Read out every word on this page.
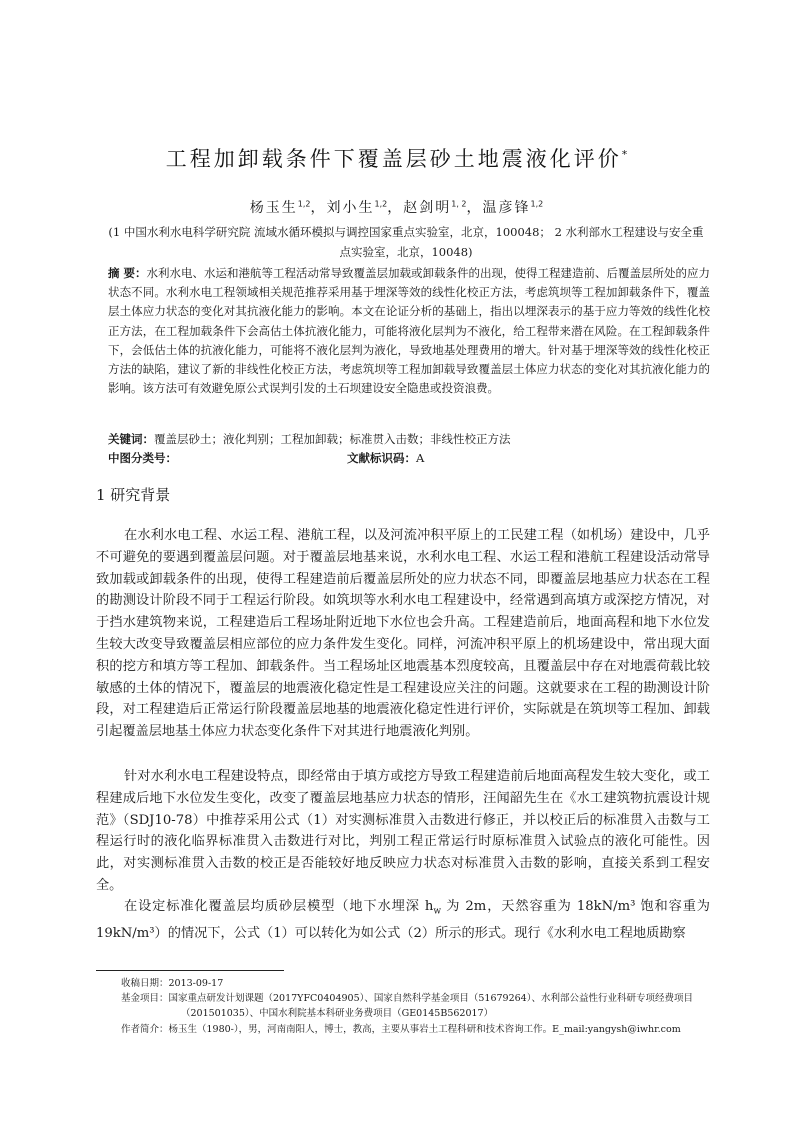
工程加卸载条件下覆盖层砂土地震液化评价*
杨玉生$^{1,2}$，刘小生$^{1,2}$，赵剑明$^{1, 2}$，温彦锋$^{1,2}$
(1 中国水利水电科学研究院 流域水循环模拟与调控国家重点实验室，北京，100048； 2 水利部水工程建设与安全重
点实验室，北京，10048)
摘 要：水利水电、水运和港航等工程活动常导致覆盖层加载或卸载条件的出现，使得工程建造前、后覆盖层所处的应力状态不同。水利水电工程领域相关规范推荐采用基于埋深等效的线性化校正方法，考虑筑坝等工程加卸载条件下，覆盖层土体应力状态的变化对其抗液化能力的影响。本文在论证分析的基础上，指出以埋深表示的基于应力等效的线性化校正方法，在工程加载条件下会高估土体抗液化能力，可能将液化层判为不液化，给工程带来潜在风险。在工程卸载条件下，会低估土体的抗液化能力，可能将不液化层判为液化，导致地基处理费用的增大。针对基于埋深等效的线性化校正方法的缺陷，建议了新的非线性化校正方法，考虑筑坝等工程加卸载导致覆盖层土体应力状态的变化对其抗液化能力的影响。该方法可有效避免原公式误判引发的土石坝建设安全隐患或投资浪费。
关键词：覆盖层砂土；液化判别；工程加卸载；标准贯入击数；非线性校正方法
中图分类号：	文献标识码：A
1 研究背景
在水利水电工程、水运工程、港航工程，以及河流冲积平原上的工民建工程（如机场）建设中，几乎不可避免的要遇到覆盖层问题。对于覆盖层地基来说，水利水电工程、水运工程和港航工程建设活动常导致加载或卸载条件的出现，使得工程建造前后覆盖层所处的应力状态不同，即覆盖层地基应力状态在工程的勘测设计阶段不同于工程运行阶段。如筑坝等水利水电工程建设中，经常遇到高填方或深挖方情况，对于挡水建筑物来说，工程建造后工程场址附近地下水位也会升高。工程建造前后，地面高程和地下水位发生较大改变导致覆盖层相应部位的应力条件发生变化。同样，河流冲积平原上的机场建设中，常出现大面积的挖方和填方等工程加、卸载条件。当工程场址区地震基本烈度较高，且覆盖层中存在对地震荷载比较敏感的土体的情况下，覆盖层的地震液化稳定性是工程建设应关注的问题。这就要求在工程的勘测设计阶段，对工程建造后正常运行阶段覆盖层地基的地震液化稳定性进行评价，实际就是在筑坝等工程加、卸载引起覆盖层地基土体应力状态变化条件下对其进行地震液化判别。
针对水利水电工程建设特点，即经常由于填方或挖方导致工程建造前后地面高程发生较大变化，或工程建成后地下水位发生变化，改变了覆盖层地基应力状态的情形，汪闻韶先生在《水工建筑物抗震设计规范》（SDJ10-78）中推荐采用公式（1）对实测标准贯入击数进行修正，并以校正后的标准贯入击数与工程运行时的液化临界标准贯入击数进行对比，判别工程正常运行时原标准贯入试验点的液化可能性。因此，对实测标准贯入击数的校正是否能较好地反映应力状态对标准贯入击数的影响，直接关系到工程安全。
在设定标准化覆盖层均质砂层模型（地下水埋深 $h_w$ 为 2m，天然容重为 18kN/m³ 饱和容重为 19kN/m³）的情况下，公式（1）可以转化为如公式（2）所示的形式。现行《水利水电工程地质勘察
收稿日期：2013-09-17
基金项目：国家重点研发计划课题（2017YFC0404905）、国家自然科学基金项目（51679264）、水利部公益性行业科研专项经费项目
（201501035）、中国水利院基本科研业务费项目（GE0145B562017）
作者简介：杨玉生（1980-），男，河南南阳人，博士，教高，主要从事岩土工程科研和技术咨询工作。E_mail:yangysh@iwhr.com
